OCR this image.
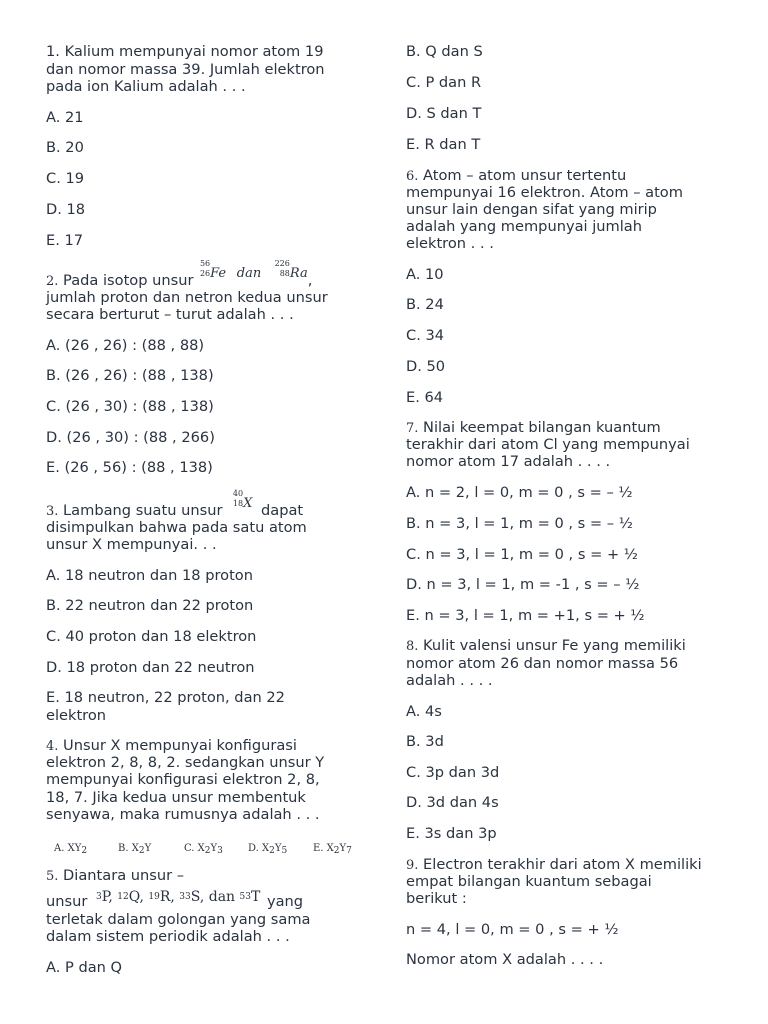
1. Kalium mempunyai nomor atom 19
dan nomor massa 39. Jumlah elektron
pada ion Kalium adalah . . .
A. 21
B. 20
C. 19
D. 18
E. 17
2. Pada isotop unsur
56
26 Fe dan
226
88 Ra,
jumlah proton dan netron kedua unsur
secara berturut – turut adalah . . .
A. (26 , 26) : (88 , 88)
B. (26 , 26) : (88 , 138)
C. (26 , 30) : (88 , 138)
D. (26 , 30) : (88 , 266)
E. (26 , 56) : (88 , 138)
3. Lambang suatu unsur
40
18 X dapat
disimpulkan bahwa pada satu atom
unsur X mempunyai. . .
A. 18 neutron dan 18 proton
B. 22 neutron dan 22 proton
C. 40 proton dan 18 elektron
D. 18 proton dan 22 neutron
E. 18 neutron, 22 proton, dan 22
elektron
4. Unsur X mempunyai konfigurasi
elektron 2, 8, 8, 2. sedangkan unsur Y
mempunyai konfigurasi elektron 2, 8,
18, 7. Jika kedua unsur membentuk
senyawa, maka rumusnya adalah . . .
A. XY2	B. X2Y	C. X2Y3	D. X2Y5	E. X2Y7
5. Diantara unsur –
unsur $^3$P, $^{12}$Q, $^{19}$R, $^{33}$S, dan $^{53}$T yang
terletak dalam golongan yang sama
dalam sistem periodik adalah . . .
A. P dan Q
B. Q dan S
C. P dan R
D. S dan T
E. R dan T
6. Atom – atom unsur tertentu
mempunyai 16 elektron. Atom – atom
unsur lain dengan sifat yang mirip
adalah yang mempunyai jumlah
elektron . . .
A. 10
B. 24
C. 34
D. 50
E. 64
7. Nilai keempat bilangan kuantum
terakhir dari atom Cl yang mempunyai
nomor atom 17 adalah . . . .
A. n = 2, l = 0, m = 0 , s = – ½
B. n = 3, l = 1, m = 0 , s = – ½
C. n = 3, l = 1, m = 0 , s = + ½
D. n = 3, l = 1, m = -1 , s = – ½
E. n = 3, l = 1, m = +1, s = + ½
8. Kulit valensi unsur Fe yang memiliki
nomor atom 26 dan nomor massa 56
adalah . . . .
A. 4s
B. 3d
C. 3p dan 3d
D. 3d dan 4s
E. 3s dan 3p
9. Electron terakhir dari atom X memiliki
empat bilangan kuantum sebagai
berikut :
n = 4, l = 0, m = 0 , s = + ½
Nomor atom X adalah . . . .
